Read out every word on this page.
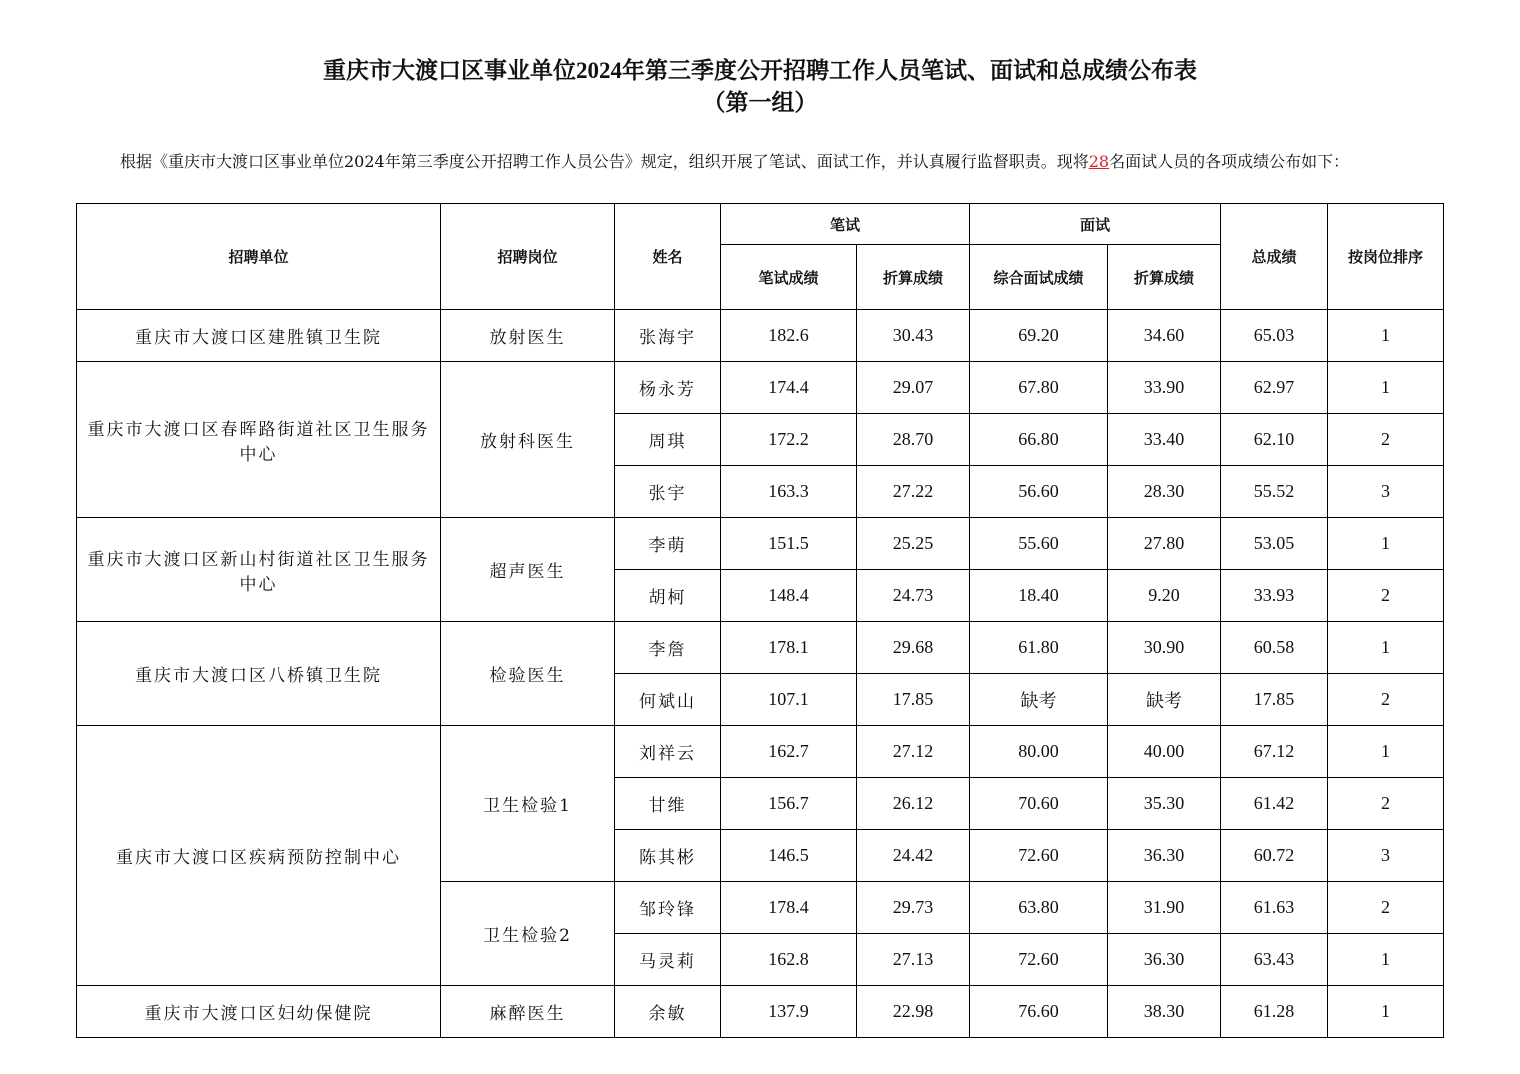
重庆市大渡口区事业单位2024年第三季度公开招聘工作人员笔试、面试和总成绩公布表
（第一组）
根据《重庆市大渡口区事业单位2024年第三季度公开招聘工作人员公告》规定，组织开展了笔试、面试工作，并认真履行监督职责。现将28名面试人员的各项成绩公布如下：
招聘单位	招聘岗位	姓名	笔试		面试		总成绩	按岗位排序
			笔试成绩	折算成绩	综合面试成绩	折算成绩		
重庆市大渡口区建胜镇卫生院	放射医生	张海宇	182.6	30.43	69.20	34.60	65.03	1
重庆市大渡口区春晖路街道社区卫生服务中心	放射科医生	杨永芳	174.4	29.07	67.80	33.90	62.97	1
		周琪	172.2	28.70	66.80	33.40	62.10	2
		张宇	163.3	27.22	56.60	28.30	55.52	3
重庆市大渡口区新山村街道社区卫生服务中心	超声医生	李萌	151.5	25.25	55.60	27.80	53.05	1
		胡柯	148.4	24.73	18.40	9.20	33.93	2
重庆市大渡口区八桥镇卫生院	检验医生	李詹	178.1	29.68	61.80	30.90	60.58	1
		何斌山	107.1	17.85	缺考	缺考	17.85	2
重庆市大渡口区疾病预防控制中心	卫生检验1	刘祥云	162.7	27.12	80.00	40.00	67.12	1
		甘维	156.7	26.12	70.60	35.30	61.42	2
		陈其彬	146.5	24.42	72.60	36.30	60.72	3
	卫生检验2	邹玲锋	178.4	29.73	63.80	31.90	61.63	2
		马灵莉	162.8	27.13	72.60	36.30	63.43	1
重庆市大渡口区妇幼保健院	麻醉医生	余敏	137.9	22.98	76.60	38.30	61.28	1
